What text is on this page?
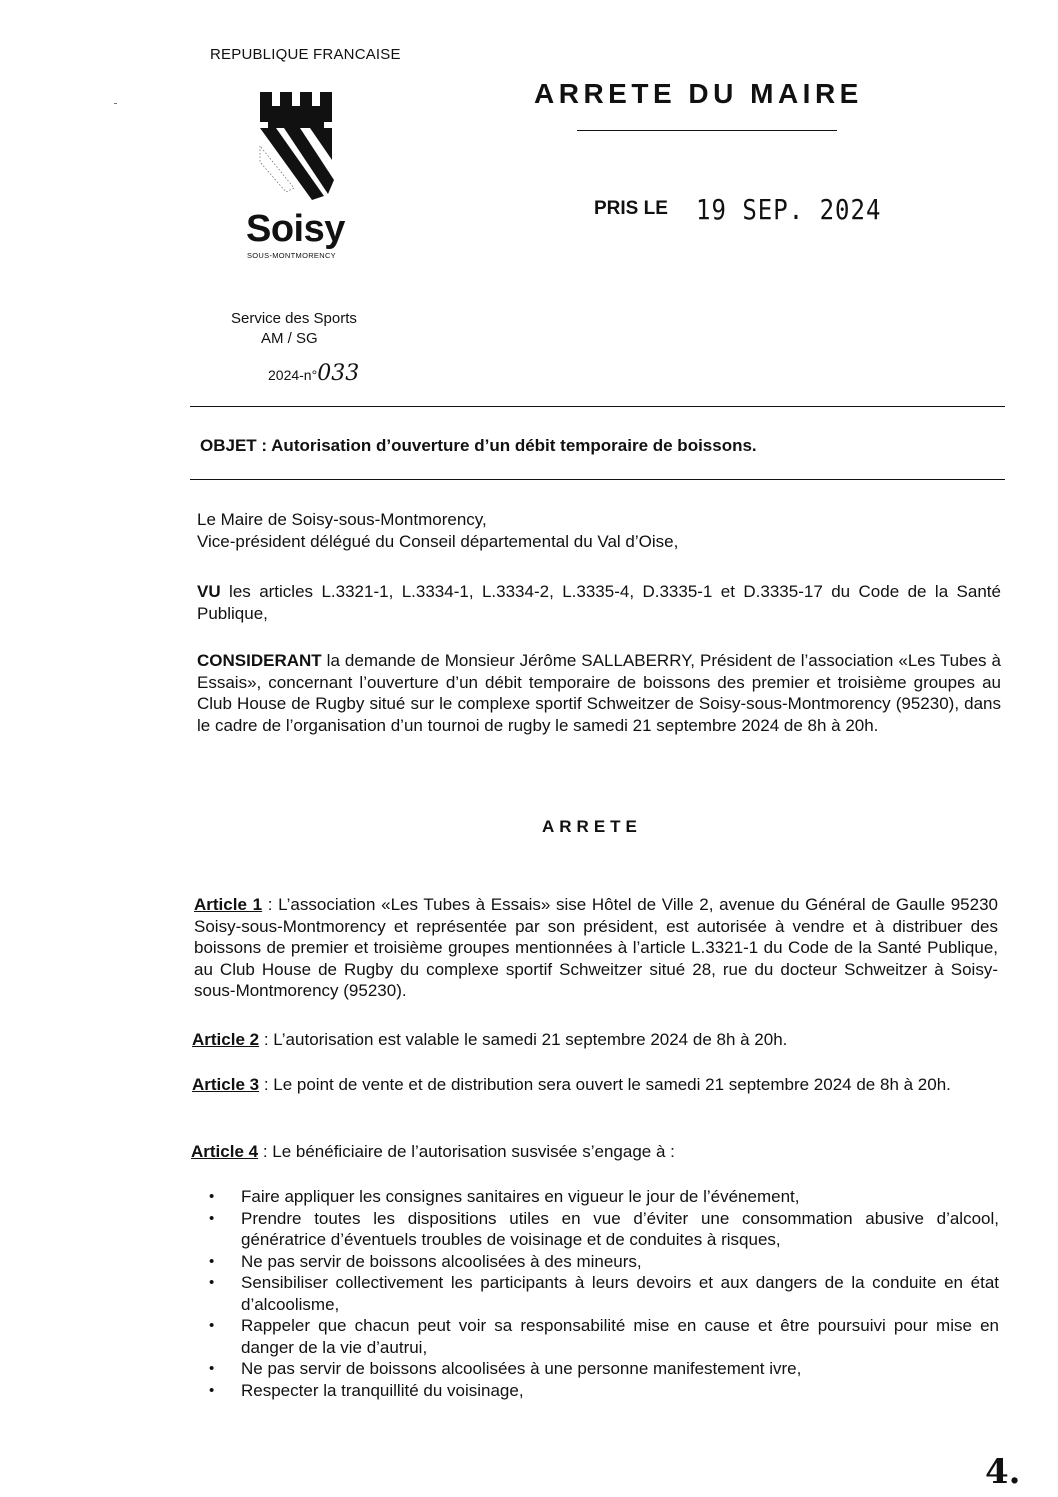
REPUBLIQUE FRANCAISE
Soisy
SOUS-MONTMORENCY
ARRETE DU MAIRE
PRIS LE 19 SEP. 2024
Service des Sports
AM / SG
2024-n°033
OBJET : Autorisation d’ouverture d’un débit temporaire de boissons.
Le Maire de Soisy-sous-Montmorency,
Vice-président délégué du Conseil départemental du Val d’Oise,
VU les articles L.3321-1, L.3334-1, L.3334-2, L.3335-4, D.3335-1 et D.3335-17 du Code de la Santé Publique,
CONSIDERANT la demande de Monsieur Jérôme SALLABERRY, Président de l’association «Les Tubes à Essais», concernant l’ouverture d’un débit temporaire de boissons des premier et troisième groupes au Club House de Rugby situé sur le complexe sportif Schweitzer de Soisy-sous-Montmorency (95230), dans le cadre de l’organisation d’un tournoi de rugby le samedi 21 septembre 2024 de 8h à 20h.
ARRETE
Article 1 : L’association «Les Tubes à Essais» sise Hôtel de Ville 2, avenue du Général de Gaulle 95230 Soisy-sous-Montmorency et représentée par son président, est autorisée à vendre et à distribuer des boissons de premier et troisième groupes mentionnées à l’article L.3321-1 du Code de la Santé Publique, au Club House de Rugby du complexe sportif Schweitzer situé 28, rue du docteur Schweitzer à Soisy-sous-Montmorency (95230).
Article 2 : L’autorisation est valable le samedi 21 septembre 2024 de 8h à 20h.
Article 3 : Le point de vente et de distribution sera ouvert le samedi 21 septembre 2024 de 8h à 20h.
Article 4 : Le bénéficiaire de l’autorisation susvisée s’engage à :
• Faire appliquer les consignes sanitaires en vigueur le jour de l’événement,
• Prendre toutes les dispositions utiles en vue d’éviter une consommation abusive d’alcool, génératrice d’éventuels troubles de voisinage et de conduites à risques,
• Ne pas servir de boissons alcoolisées à des mineurs,
• Sensibiliser collectivement les participants à leurs devoirs et aux dangers de la conduite en état d’alcoolisme,
• Rappeler que chacun peut voir sa responsabilité mise en cause et être poursuivi pour mise en danger de la vie d’autrui,
• Ne pas servir de boissons alcoolisées à une personne manifestement ivre,
• Respecter la tranquillité du voisinage,
4.
